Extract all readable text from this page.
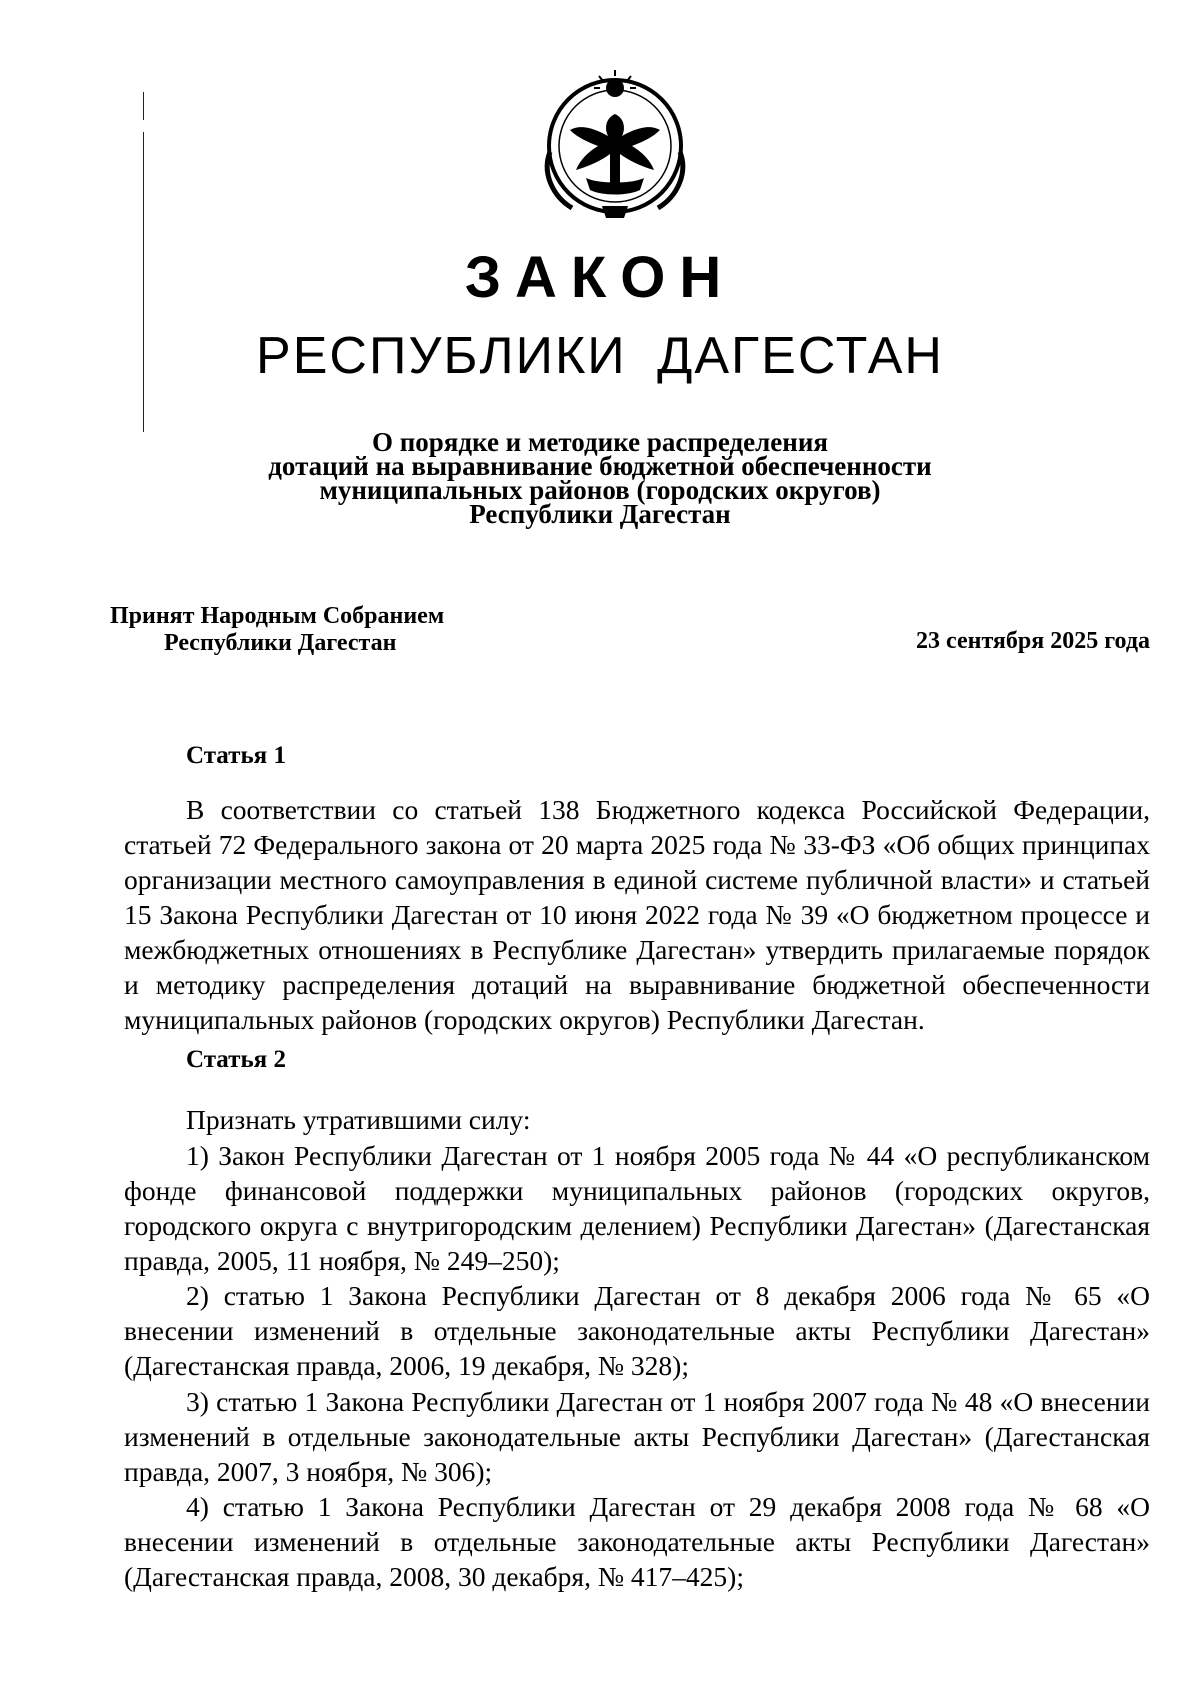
ЗАКОН
РЕСПУБЛИКИ ДАГЕСТАН
О порядке и методике распределения
дотаций на выравнивание бюджетной обеспеченности
муниципальных районов (городских округов)
Республики Дагестан
Принят Народным Собранием
Республики Дагестан	23 сентября 2025 года
Статья 1
В соответствии со статьей 138 Бюджетного кодекса Российской Федерации, статьей 72 Федерального закона от 20 марта 2025 года № 33-ФЗ «Об общих принципах организации местного самоуправления в единой системе публичной власти» и статьей 15 Закона Республики Дагестан от 10 июня 2022 года № 39 «О бюджетном процессе и межбюджетных отношениях в Республике Дагестан» утвердить прилагаемые порядок и методику распределения дотаций на выравнивание бюджетной обеспеченности муниципальных районов (городских округов) Республики Дагестан.
Статья 2
Признать утратившими силу:
1) Закон Республики Дагестан от 1 ноября 2005 года № 44 «О республиканском фонде финансовой поддержки муниципальных районов (городских округов, городского округа с внутригородским делением) Республики Дагестан» (Дагестанская правда, 2005, 11 ноября, № 249–250);
2) статью 1 Закона Республики Дагестан от 8 декабря 2006 года № 65 «О внесении изменений в отдельные законодательные акты Республики Дагестан» (Дагестанская правда, 2006, 19 декабря, № 328);
3) статью 1 Закона Республики Дагестан от 1 ноября 2007 года № 48 «О внесении изменений в отдельные законодательные акты Республики Дагестан» (Дагестанская правда, 2007, 3 ноября, № 306);
4) статью 1 Закона Республики Дагестан от 29 декабря 2008 года № 68 «О внесении изменений в отдельные законодательные акты Республики Дагестан» (Дагестанская правда, 2008, 30 декабря, № 417–425);
